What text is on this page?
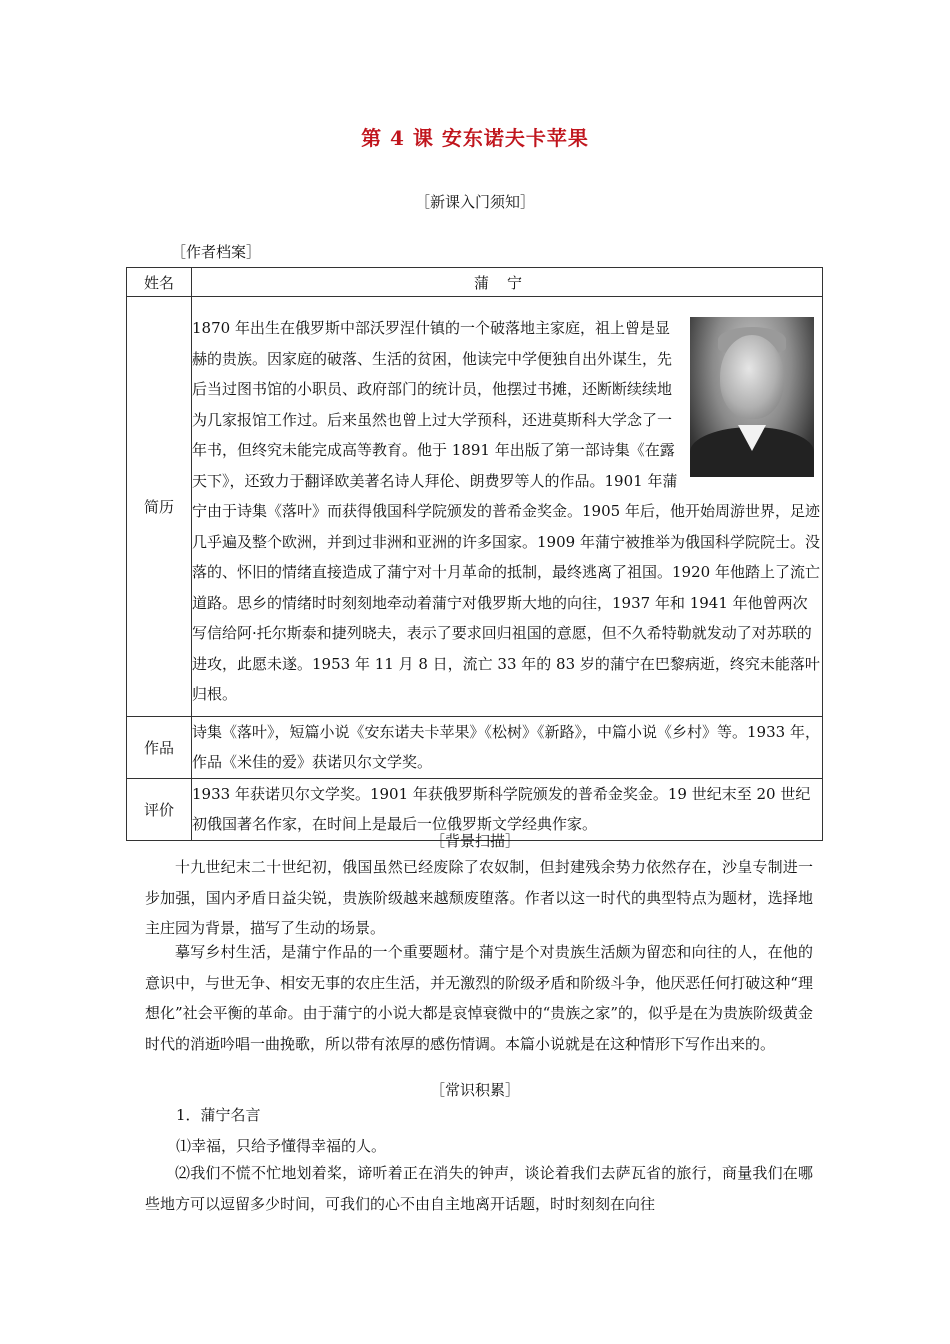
第 4 课 安东诺夫卡苹果
［新课入门须知］
［作者档案］
姓名	蒲宁
简历	1870 年出生在俄罗斯中部沃罗涅什镇的一个破落地主家庭，祖上曾是显赫的贵族。因家庭的破落、生活的贫困，他读完中学便独自出外谋生，先后当过图书馆的小职员、政府部门的统计员，他摆过书摊，还断断续续地为几家报馆工作过。后来虽然也曾上过大学预科，还进莫斯科大学念了一年书，但终究未能完成高等教育。他于 1891 年出版了第一部诗集《在露天下》，还致力于翻译欧美著名诗人拜伦、朗费罗等人的作品。1901 年蒲宁由于诗集《落叶》而获得俄国科学院颁发的普希金奖金。1905 年后，他开始周游世界，足迹几乎遍及整个欧洲，并到过非洲和亚洲的许多国家。1909 年蒲宁被推举为俄国科学院院士。没落的、怀旧的情绪直接造成了蒲宁对十月革命的抵制，最终逃离了祖国。1920 年他踏上了流亡道路。思乡的情绪时时刻刻地牵动着蒲宁对俄罗斯大地的向往，1937 年和 1941 年他曾两次写信给阿·托尔斯泰和捷列晓夫，表示了要求回归祖国的意愿，但不久希特勒就发动了对苏联的进攻，此愿未遂。1953 年 11 月 8 日，流亡 33 年的 83 岁的蒲宁在巴黎病逝，终究未能落叶归根。

作品	诗集《落叶》，短篇小说《安东诺夫卡苹果》《松树》《新路》，中篇小说《乡村》等。1933 年，作品《米佳的爱》获诺贝尔文学奖。
评价	1933 年获诺贝尔文学奖。1901 年获俄罗斯科学院颁发的普希金奖金。19 世纪末至 20 世纪初俄国著名作家，在时间上是最后一位俄罗斯文学经典作家。
［背景扫描］
十九世纪末二十世纪初，俄国虽然已经废除了农奴制，但封建残余势力依然存在，沙皇专制进一步加强，国内矛盾日益尖锐，贵族阶级越来越颓废堕落。作者以这一时代的典型特点为题材，选择地主庄园为背景，描写了生动的场景。
摹写乡村生活，是蒲宁作品的一个重要题材。蒲宁是个对贵族生活颇为留恋和向往的人，在他的意识中，与世无争、相安无事的农庄生活，并无激烈的阶级矛盾和阶级斗争，他厌恶任何打破这种“理想化”社会平衡的革命。由于蒲宁的小说大都是哀悼衰微中的“贵族之家”的，似乎是在为贵族阶级黄金时代的消逝吟唱一曲挽歌，所以带有浓厚的感伤情调。本篇小说就是在这种情形下写作出来的。
［常识积累］
1．蒲宁名言
⑴幸福，只给予懂得幸福的人。
⑵我们不慌不忙地划着桨，谛听着正在消失的钟声，谈论着我们去萨瓦省的旅行，商量我们在哪些地方可以逗留多少时间，可我们的心不由自主地离开话题，时时刻刻在向往
